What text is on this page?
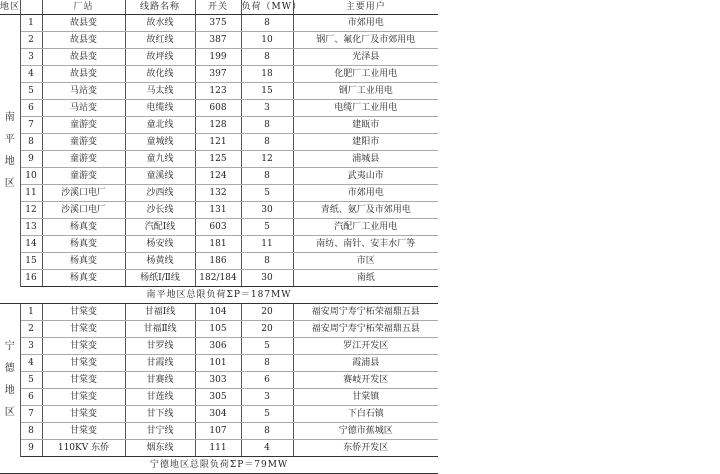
地区		厂站	线路名称	开关	负荷（MW）	主要用户

南
平
地
区	1	故县变	故水线	375	8	市郊用电
	2	故县变	故红线	387	10	钢厂、氟化厂及市郊用电
	3	故县变	故坪线	199	8	光泽县
	4	故县变	故化线	397	18	化肥厂工业用电
	5	马站变	马太线	123	15	钢厂工业用电
	6	马站变	电缆线	608	3	电缆厂工业用电
	7	童游变	童北线	128	8	建瓯市
	8	童游变	童城线	121	8	建阳市
	9	童游变	童九线	125	12	浦城县
	10	童游变	童溪线	124	8	武夷山市
	11	沙溪口电厂	沙西线	132	5	市郊用电
	12	沙溪口电厂	沙长线	131	30	青纸、氨厂及市郊用电
	13	杨真变	汽配Ⅰ线	603	5	汽配厂工业用电
	14	杨真变	杨安线	181	11	南纺、南针、安丰水厂等
	15	杨真变	杨黄线	186	8	市区
	16	杨真变	杨纸Ⅰ/Ⅱ线	182/184	30	南纸
南平地区总限负荷ΣP＝187MW						

宁
德
地
区	1	甘棠变	甘福Ⅰ线	104	20	福安周宁寿宁柘荣福鼎五县
	2	甘棠变	甘福Ⅱ线	105	20	福安周宁寿宁柘荣福鼎五县
	3	甘棠变	甘罗线	306	5	罗江开发区
	4	甘棠变	甘霞线	101	8	霞浦县
	5	甘棠变	甘赛线	303	6	赛岐开发区
	6	甘棠变	甘莲线	305	3	甘棠镇
	7	甘棠变	甘下线	304	5	下白石镇
	8	甘棠变	甘宁线	107	8	宁德市蕉城区
	9	110KV 东侨	烟东线	111	4	东侨开发区
宁德地区总限负荷ΣP＝79MW						
